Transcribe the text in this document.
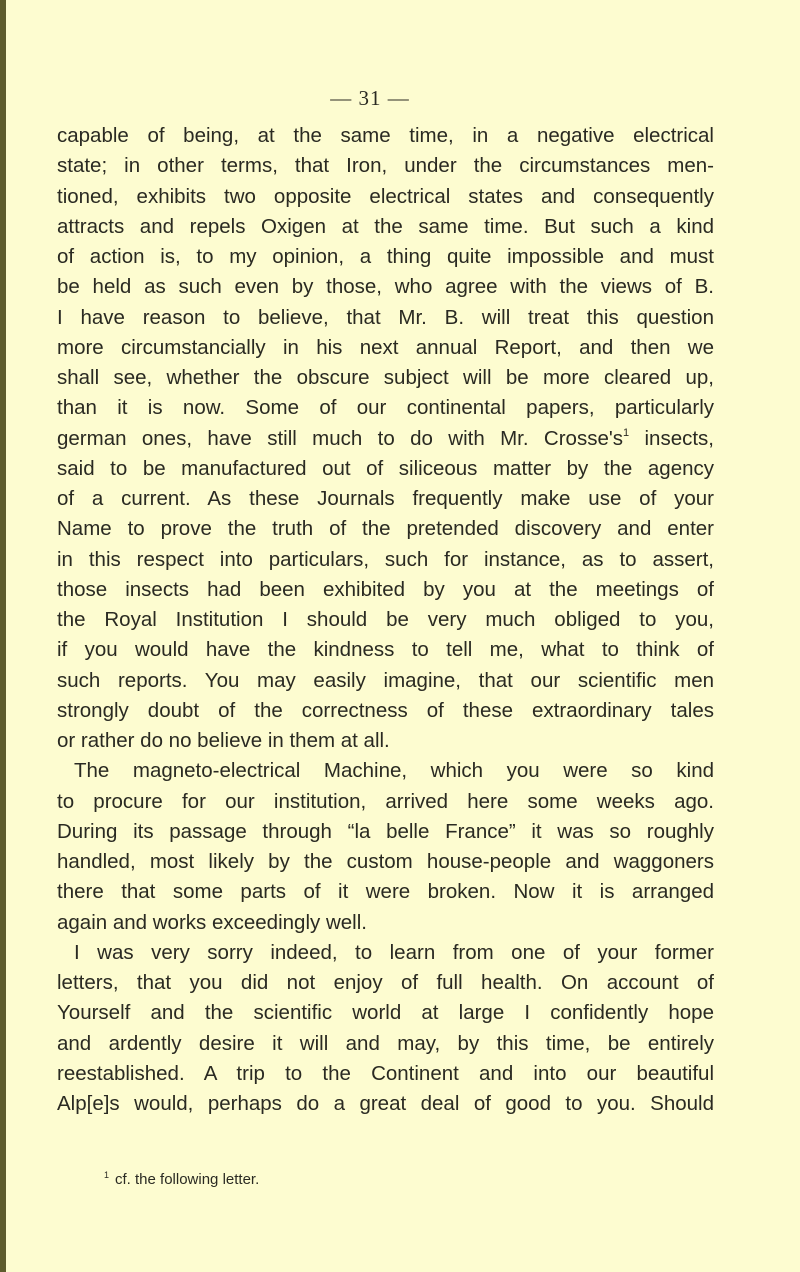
— 31 —
capable of being, at the same time, in a negative electrical
state; in other terms, that Iron, under the circumstances men-
tioned, exhibits two opposite electrical states and consequently
attracts and repels Oxigen at the same time. But such a kind
of action is, to my opinion, a thing quite impossible and must
be held as such even by those, who agree with the views of B.
I have reason to believe, that Mr. B. will treat this question
more circumstancially in his next annual Report, and then we
shall see, whether the obscure subject will be more cleared up,
than it is now. Some of our continental papers, particularly
german ones, have still much to do with Mr. $Crosse's^1$ insects,
said to be manufactured out of siliceous matter by the agency
of a current. As these Journals frequently make use of your
Name to prove the truth of the pretended discovery and enter
in this respect into particulars, such for instance, as to assert,
those insects had been exhibited by you at the meetings of
the Royal Institution I should be very much obliged to you,
if you would have the kindness to tell me, what to think of
such reports. You may easily imagine, that our scientific men
strongly doubt of the correctness of these extraordinary tales
or rather do no believe in them at all.
The magneto-electrical Machine, which you were so kind
to procure for our institution, arrived here some weeks ago.
During its passage through “la belle France” it was so roughly
handled, most likely by the custom house-people and waggoners
there that some parts of it were broken. Now it is arranged
again and works exceedingly well.
I was very sorry indeed, to learn from one of your former
letters, that you did not enjoy of full health. On account of
Yourself and the scientific world at large I confidently hope
and ardently desire it will and may, by this time, be entirely
reestablished. A trip to the Continent and into our beautiful
Alp[e]s would, perhaps do a great deal of good to you. Should
$^1$ cf. the following letter.
